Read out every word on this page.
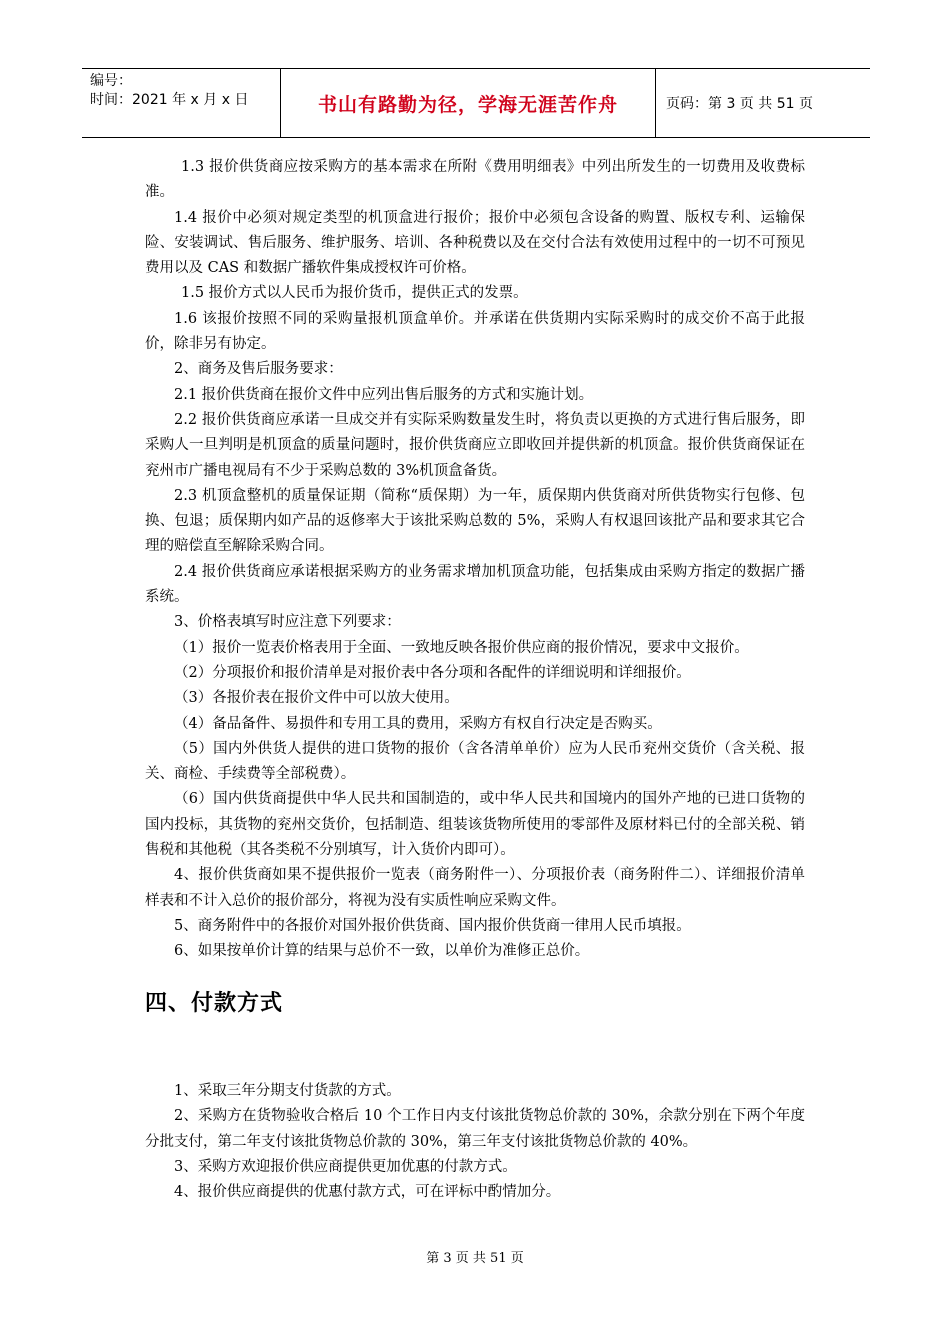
编号：
时间：2021 年 x 月 x 日	书山有路勤为径，学海无涯苦作舟	页码：第 3 页 共 51 页

1.3 报价供货商应按采购方的基本需求在所附《费用明细表》中列出所发生的一切费用及收费标准。

1.4 报价中必须对规定类型的机顶盒进行报价；报价中必须包含设备的购置、版权专利、运输保险、安装调试、售后服务、维护服务、培训、各种税费以及在交付合法有效使用过程中的一切不可预见费用以及 CAS 和数据广播软件集成授权许可价格。

1.5 报价方式以人民币为报价货币，提供正式的发票。

1.6 该报价按照不同的采购量报机顶盒单价。并承诺在供货期内实际采购时的成交价不高于此报价，除非另有协定。

2、商务及售后服务要求：

2.1 报价供货商在报价文件中应列出售后服务的方式和实施计划。

2.2 报价供货商应承诺一旦成交并有实际采购数量发生时，将负责以更换的方式进行售后服务，即采购人一旦判明是机顶盒的质量问题时，报价供货商应立即收回并提供新的机顶盒。报价供货商保证在兖州市广播电视局有不少于采购总数的 3%机顶盒备货。

2.3 机顶盒整机的质量保证期（简称“质保期）为一年，质保期内供货商对所供货物实行包修、包换、包退；质保期内如产品的返修率大于该批采购总数的 5%，采购人有权退回该批产品和要求其它合理的赔偿直至解除采购合同。

2.4 报价供货商应承诺根据采购方的业务需求增加机顶盒功能，包括集成由采购方指定的数据广播系统。

3、价格表填写时应注意下列要求：

（1）报价一览表价格表用于全面、一致地反映各报价供应商的报价情况，要求中文报价。

（2）分项报价和报价清单是对报价表中各分项和各配件的详细说明和详细报价。

（3）各报价表在报价文件中可以放大使用。

（4）备品备件、易损件和专用工具的费用，采购方有权自行决定是否购买。

（5）国内外供货人提供的进口货物的报价（含各清单单价）应为人民币兖州交货价（含关税、报关、商检、手续费等全部税费）。

（6）国内供货商提供中华人民共和国制造的，或中华人民共和国境内的国外产地的已进口货物的国内投标，其货物的兖州交货价，包括制造、组装该货物所使用的零部件及原材料已付的全部关税、销售税和其他税（其各类税不分别填写，计入货价内即可）。

4、报价供货商如果不提供报价一览表（商务附件一）、分项报价表（商务附件二）、详细报价清单样表和不计入总价的报价部分，将视为没有实质性响应采购文件。

5、商务附件中的各报价对国外报价供货商、国内报价供货商一律用人民币填报。

6、如果按单价计算的结果与总价不一致，以单价为准修正总价。

四、付款方式

1、采取三年分期支付货款的方式。

2、采购方在货物验收合格后 10 个工作日内支付该批货物总价款的 30%，余款分别在下两个年度分批支付，第二年支付该批货物总价款的 30%，第三年支付该批货物总价款的 40%。

3、采购方欢迎报价供应商提供更加优惠的付款方式。

4、报价供应商提供的优惠付款方式，可在评标中酌情加分。

第 3 页 共 51 页
